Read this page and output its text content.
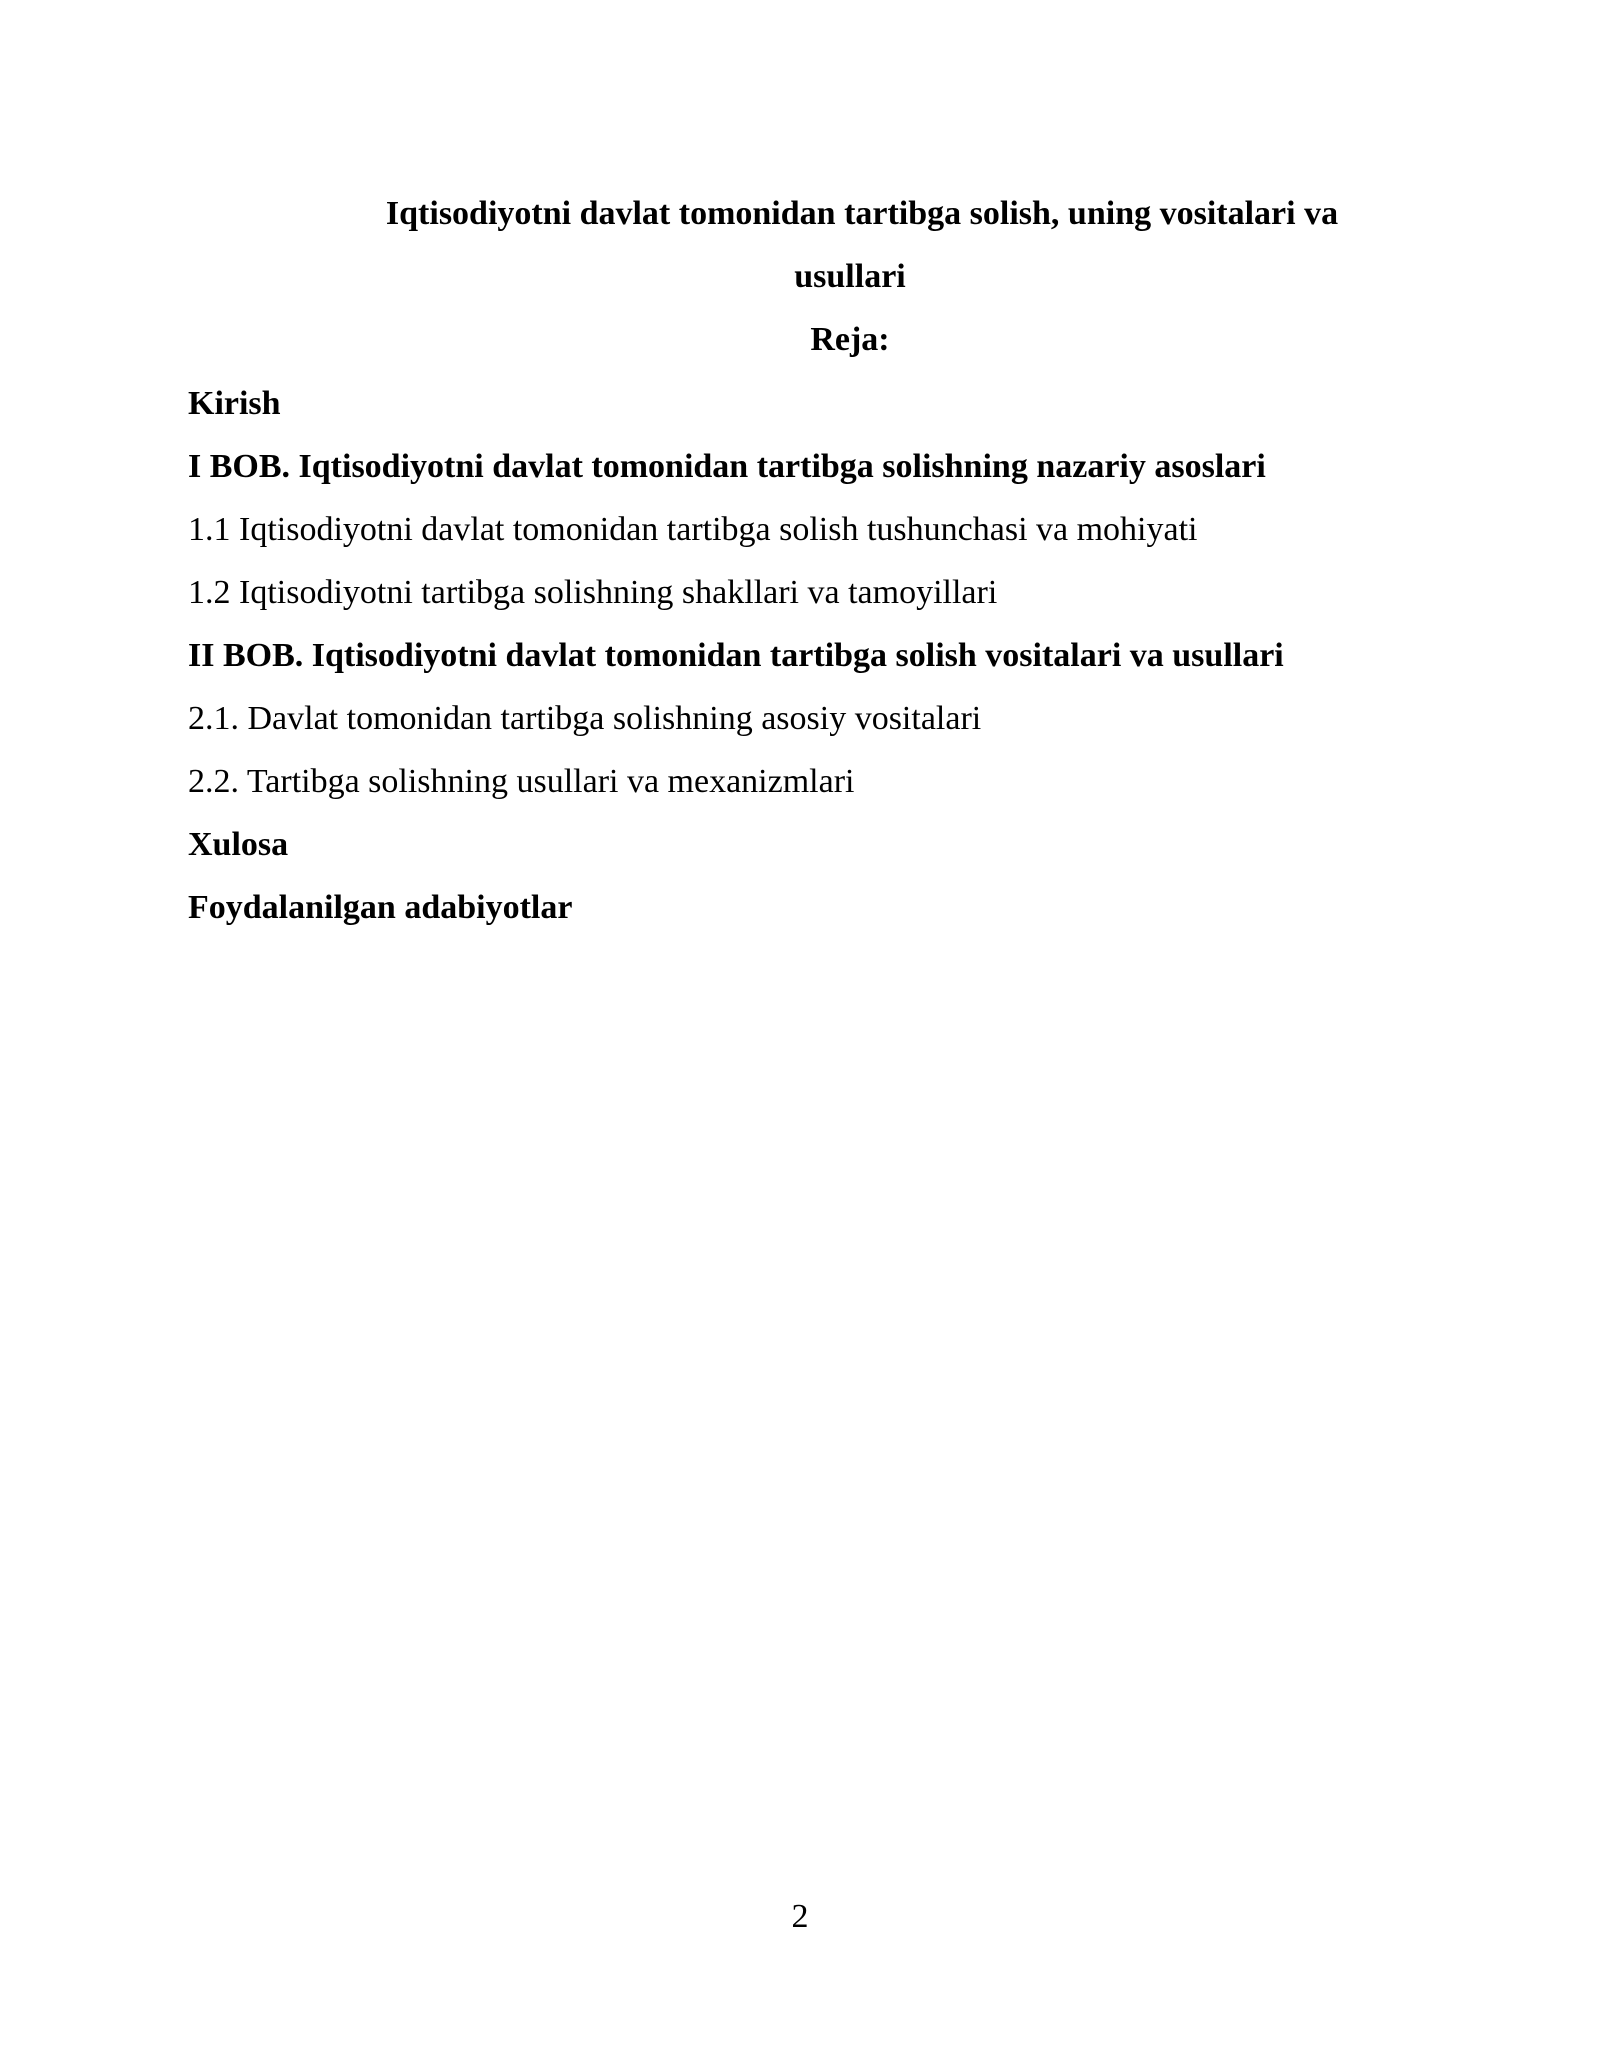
Iqtisodiyotni davlat tomonidan tartibga solish, uning vositalari va
usullari
Reja:
Kirish
I BOB. Iqtisodiyotni davlat tomonidan tartibga solishning nazariy asoslari
1.1 Iqtisodiyotni davlat tomonidan tartibga solish tushunchasi va mohiyati
1.2 Iqtisodiyotni tartibga solishning shakllari va tamoyillari
II BOB. Iqtisodiyotni davlat tomonidan tartibga solish vositalari va usullari
2.1. Davlat tomonidan tartibga solishning asosiy vositalari
2.2. Tartibga solishning usullari va mexanizmlari
Xulosa
Foydalanilgan adabiyotlar
2
